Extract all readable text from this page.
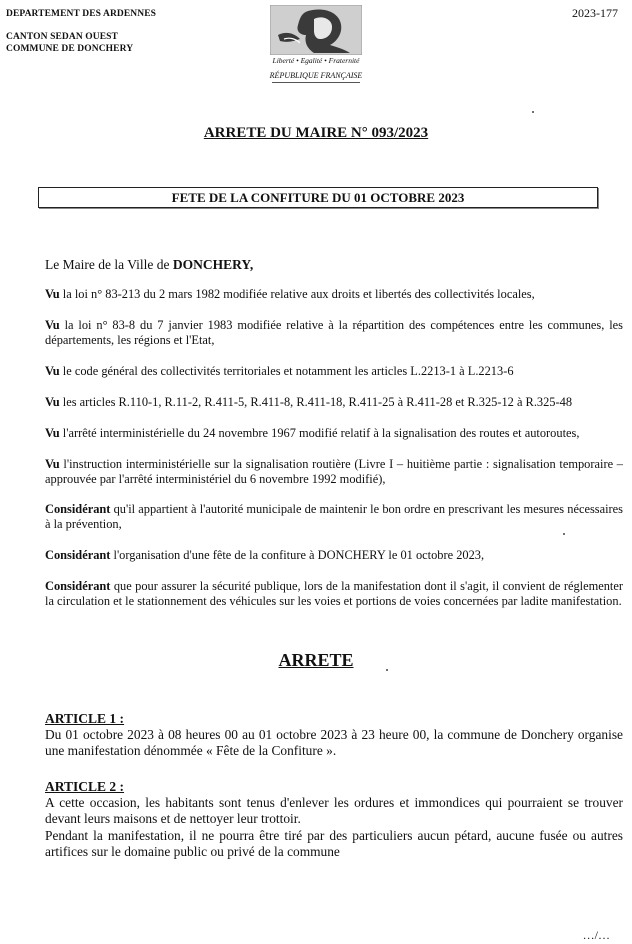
DEPARTEMENT DES ARDENNES
CANTON SEDAN OUEST
COMMUNE DE DONCHERY
2023-177
Liberté • Egalité • Fraternité
RÉPUBLIQUE FRANÇAISE
ARRETE DU MAIRE N° 093/2023
FETE DE LA CONFITURE DU 01 OCTOBRE 2023
Le Maire de la Ville de DONCHERY,
Vu la loi n° 83-213 du 2 mars 1982 modifiée relative aux droits et libertés des collectivités locales,
Vu la loi n° 83-8 du 7 janvier 1983 modifiée relative à la répartition des compétences entre les communes, les départements, les régions et l'Etat,
Vu le code général des collectivités territoriales et notamment les articles L.2213-1 à L.2213-6
Vu les articles R.110-1, R.11-2, R.411-5, R.411-8, R.411-18, R.411-25 à R.411-28 et R.325-12 à R.325-48
Vu l'arrêté interministérielle du 24 novembre 1967 modifié relatif à la signalisation des routes et autoroutes,
Vu l'instruction interministérielle sur la signalisation routière (Livre I – huitième partie : signalisation temporaire – approuvée par l'arrêté interministériel du 6 novembre 1992 modifié),
Considérant qu'il appartient à l'autorité municipale de maintenir le bon ordre en prescrivant les mesures nécessaires à la prévention,
Considérant l'organisation d'une fête de la confiture à DONCHERY le 01 octobre 2023,
Considérant que pour assurer la sécurité publique, lors de la manifestation dont il s'agit, il convient de réglementer la circulation et le stationnement des véhicules sur les voies et portions de voies concernées par ladite manifestation.
ARRETE
ARTICLE 1 :
Du 01 octobre 2023 à 08 heures 00 au 01 octobre 2023 à 23 heure 00, la commune de Donchery organise une manifestation dénommée « Fête de la Confiture ».
ARTICLE 2 :
A cette occasion, les habitants sont tenus d'enlever les ordures et immondices qui pourraient se trouver devant leurs maisons et de nettoyer leur trottoir.
Pendant la manifestation, il ne pourra être tiré par des particuliers aucun pétard, aucune fusée ou autres artifices sur le domaine public ou privé de la commune
…/…
